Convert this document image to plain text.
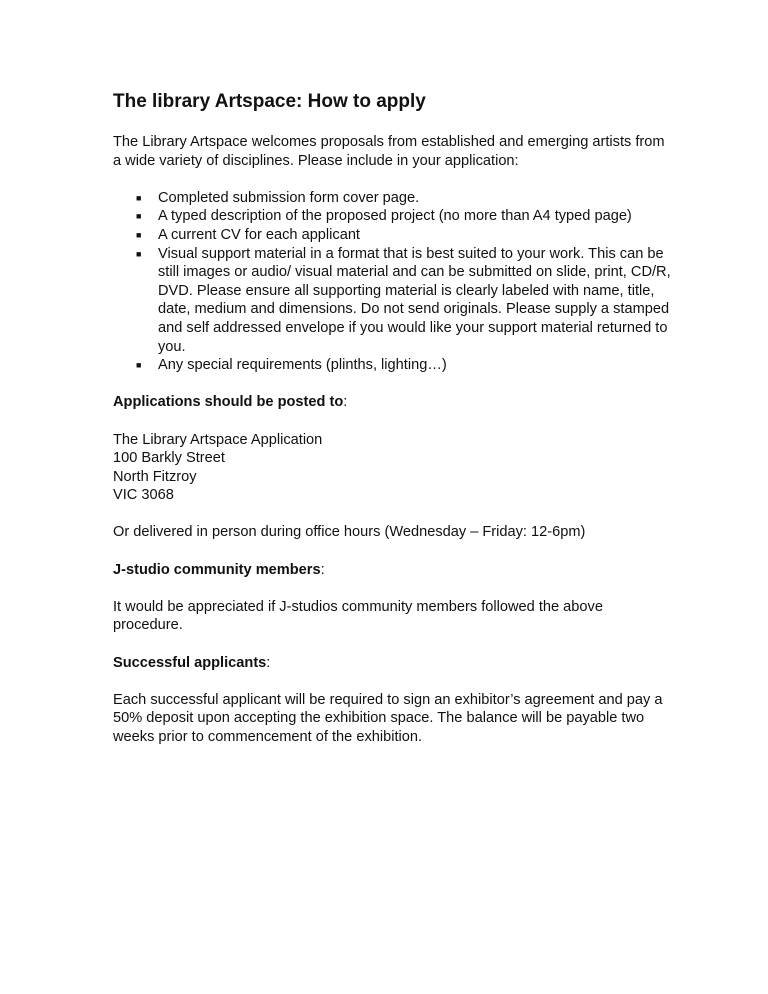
The library Artspace: How to apply

The Library Artspace welcomes proposals from established and emerging artists from a wide variety of disciplines. Please include in your application:

■ Completed submission form cover page.
■ A typed description of the proposed project (no more than A4 typed page)
■ A current CV for each applicant
■ Visual support material in a format that is best suited to your work. This can be still images or audio/ visual material and can be submitted on slide, print, CD/R, DVD. Please ensure all supporting material is clearly labeled with name, title, date, medium and dimensions. Do not send originals. Please supply a stamped and self addressed envelope if you would like your support material returned to you.
■ Any special requirements (plinths, lighting…)

Applications should be posted to:

The Library Artspace Application
100 Barkly Street
North Fitzroy
VIC 3068

Or delivered in person during office hours (Wednesday – Friday: 12-6pm)

J-studio community members:

It would be appreciated if J-studios community members followed the above procedure.

Successful applicants:

Each successful applicant will be required to sign an exhibitor’s agreement and pay a 50% deposit upon accepting the exhibition space. The balance will be payable two weeks prior to commencement of the exhibition.
